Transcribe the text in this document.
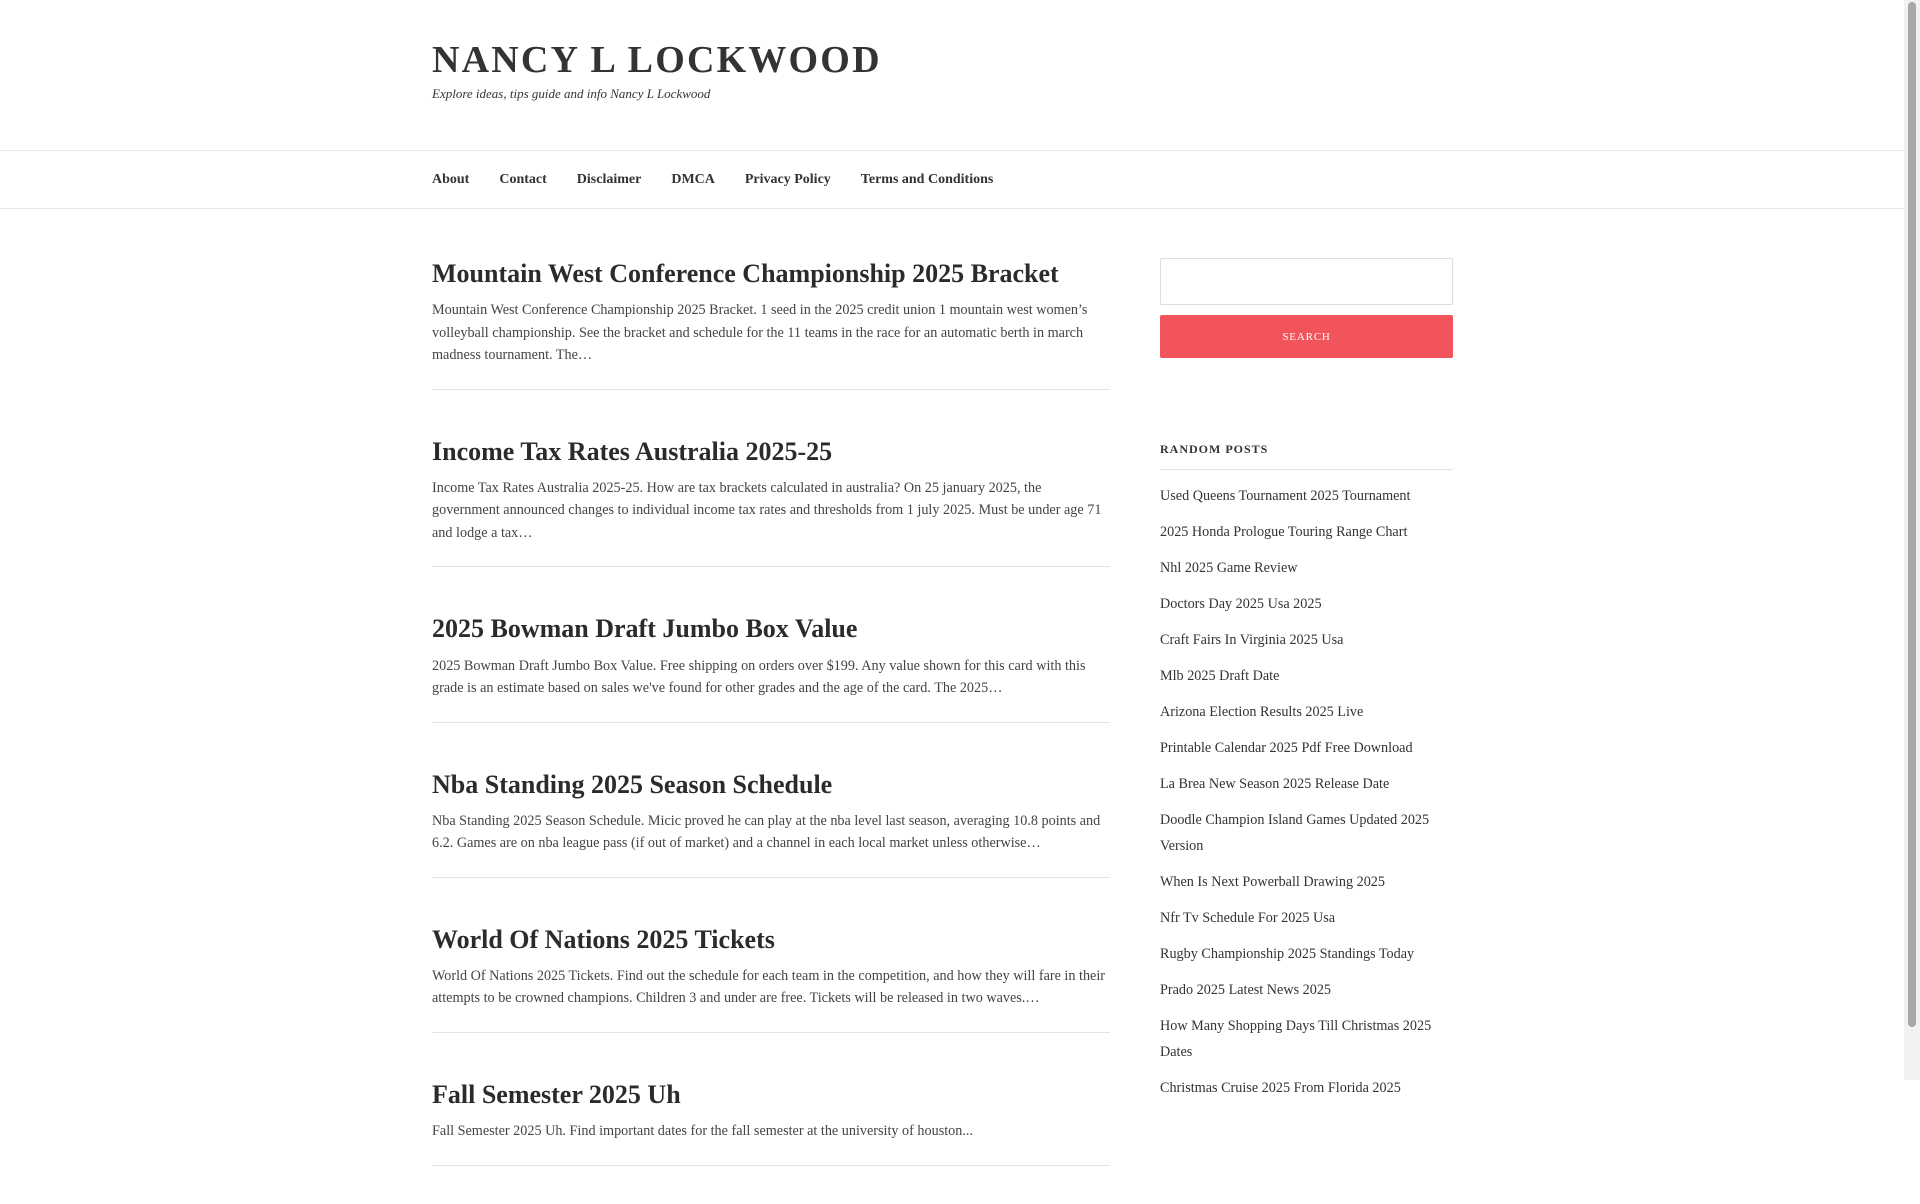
NANCY L LOCKWOOD

Explore ideas, tips guide and info Nancy L Lockwood

About Contact Disclaimer DMCA Privacy Policy Terms and Conditions
Mountain West Conference Championship 2025 Bracket

Mountain West Conference Championship 2025 Bracket. 1 seed in the 2025 credit union 1 mountain west women’s volleyball championship. See the bracket and schedule for the 11 teams in the race for an automatic berth in march madness tournament. The…

Income Tax Rates Australia 2025-25

Income Tax Rates Australia 2025-25. How are tax brackets calculated in australia? On 25 january 2025, the government announced changes to individual income tax rates and thresholds from 1 july 2025. Must be under age 71 and lodge a tax…

2025 Bowman Draft Jumbo Box Value

2025 Bowman Draft Jumbo Box Value. Free shipping on orders over $199. Any value shown for this card with this grade is an estimate based on sales we've found for other grades and the age of the card. The 2025…

Nba Standing 2025 Season Schedule

Nba Standing 2025 Season Schedule. Micic proved he can play at the nba level last season, averaging 10.8 points and 6.2. Games are on nba league pass (if out of market) and a channel in each local market unless otherwise…

World Of Nations 2025 Tickets

World Of Nations 2025 Tickets. Find out the schedule for each team in the competition, and how they will fare in their attempts to be crowned champions. Children 3 and under are free. Tickets will be released in two waves.…

Fall Semester 2025 Uh

Fall Semester 2025 Uh. Find important dates for the fall semester at the university of houston...

SEARCH
RANDOM POSTS
Used Queens Tournament 2025 Tournament
2025 Honda Prologue Touring Range Chart
Nhl 2025 Game Review
Doctors Day 2025 Usa 2025
Craft Fairs In Virginia 2025 Usa
Mlb 2025 Draft Date
Arizona Election Results 2025 Live
Printable Calendar 2025 Pdf Free Download
La Brea New Season 2025 Release Date
Doodle Champion Island Games Updated 2025 Version
When Is Next Powerball Drawing 2025
Nfr Tv Schedule For 2025 Usa
Rugby Championship 2025 Standings Today
Prado 2025 Latest News 2025
How Many Shopping Days Till Christmas 2025 Dates
Christmas Cruise 2025 From Florida 2025
